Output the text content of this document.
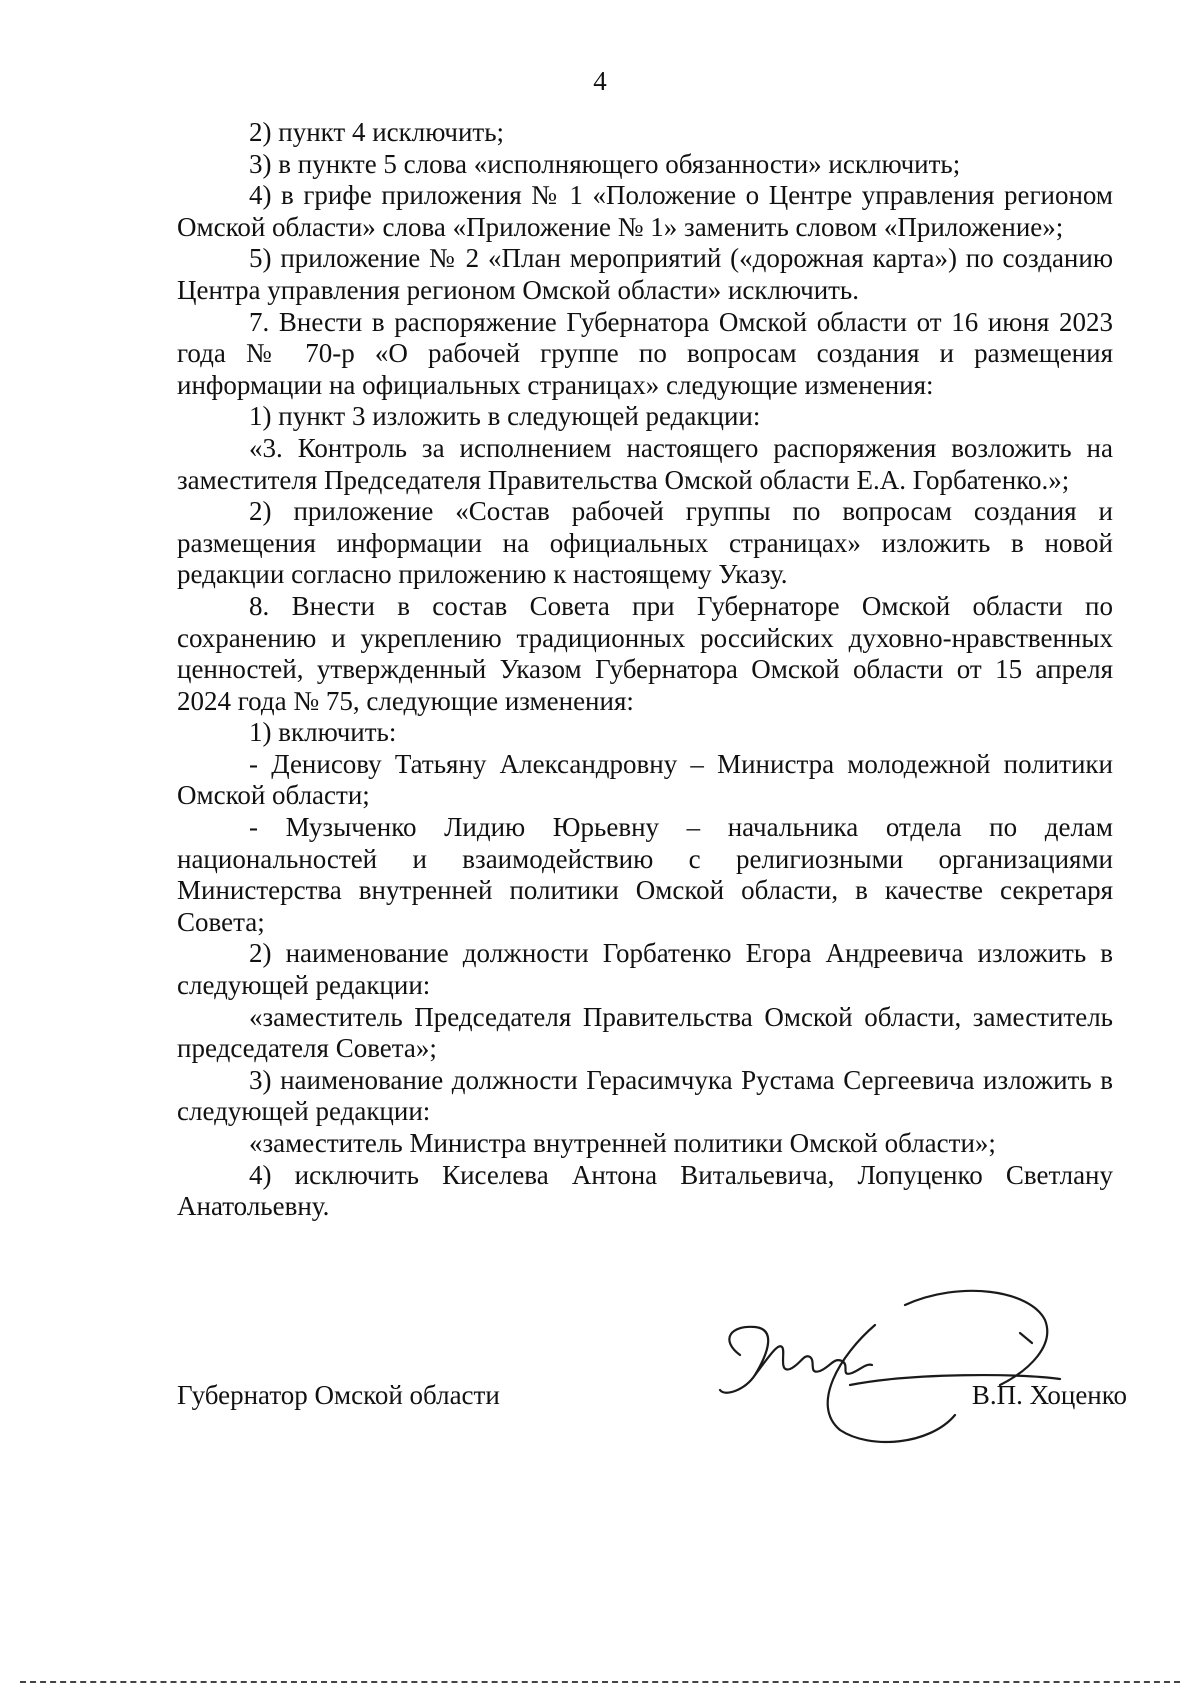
4

2) пункт 4 исключить;

3) в пункте 5 слова «исполняющего обязанности» исключить;

4) в грифе приложения № 1 «Положение о Центре управления регионом Омской области» слова «Приложение № 1» заменить словом «Приложение»;

5) приложение № 2 «План мероприятий («дорожная карта») по созданию Центра управления регионом Омской области» исключить.

7. Внести в распоряжение Губернатора Омской области от 16 июня 2023 года № 70-р «О рабочей группе по вопросам создания и размещения информации на официальных страницах» следующие изменения:

1) пункт 3 изложить в следующей редакции:

«3. Контроль за исполнением настоящего распоряжения возложить на заместителя Председателя Правительства Омской области Е.А. Горбатенко.»;

2) приложение «Состав рабочей группы по вопросам создания и размещения информации на официальных страницах» изложить в новой редакции согласно приложению к настоящему Указу.

8. Внести в состав Совета при Губернаторе Омской области по сохранению и укреплению традиционных российских духовно-нравственных ценностей, утвержденный Указом Губернатора Омской области от 15 апреля 2024 года № 75, следующие изменения:

1) включить:

- Денисову Татьяну Александровну – Министра молодежной политики Омской области;

- Музыченко Лидию Юрьевну – начальника отдела по делам национальностей и взаимодействию с религиозными организациями Министерства внутренней политики Омской области, в качестве секретаря Совета;

2) наименование должности Горбатенко Егора Андреевича изложить в следующей редакции:

«заместитель Председателя Правительства Омской области, заместитель председателя Совета»;

3) наименование должности Герасимчука Рустама Сергеевича изложить в следующей редакции:

«заместитель Министра внутренней политики Омской области»;

4) исключить Киселева Антона Витальевича, Лопуценко Светлану Анатольевну.

Губернатор Омской области	В.П. Хоценко
